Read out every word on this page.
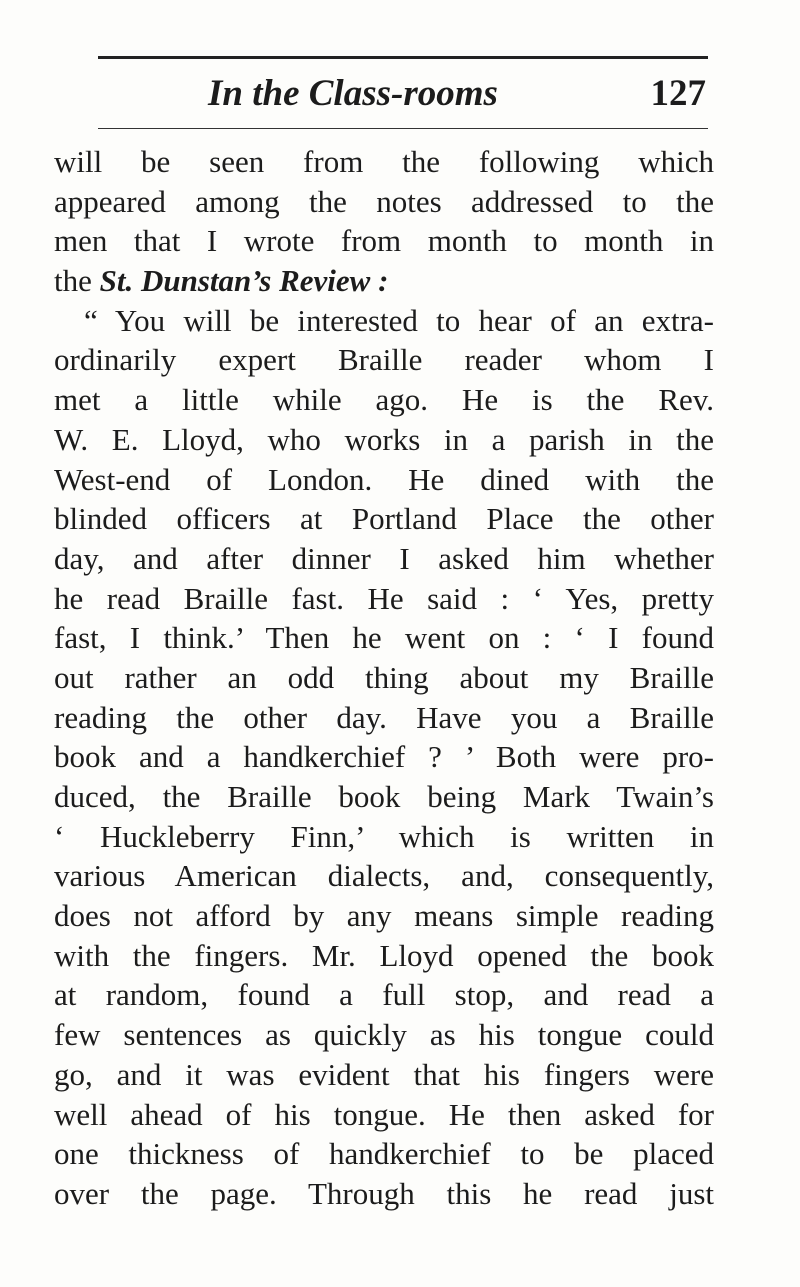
In the Class-rooms	127
will be seen from the following which
appeared among the notes addressed to the
men that I wrote from month to month in
the St. Dunstan’s Review :
“ You will be interested to hear of an extra-
ordinarily expert Braille reader whom I
met a little while ago. He is the Rev.
W. E. Lloyd, who works in a parish in the
West-end of London. He dined with the
blinded officers at Portland Place the other
day, and after dinner I asked him whether
he read Braille fast. He said : ‘ Yes, pretty
fast, I think.’ Then he went on : ‘ I found
out rather an odd thing about my Braille
reading the other day. Have you a Braille
book and a handkerchief ? ’ Both were pro-
duced, the Braille book being Mark Twain’s
‘ Huckleberry Finn,’ which is written in
various American dialects, and, consequently,
does not afford by any means simple reading
with the fingers. Mr. Lloyd opened the book
at random, found a full stop, and read a
few sentences as quickly as his tongue could
go, and it was evident that his fingers were
well ahead of his tongue. He then asked for
one thickness of handkerchief to be placed
over the page. Through this he read just
